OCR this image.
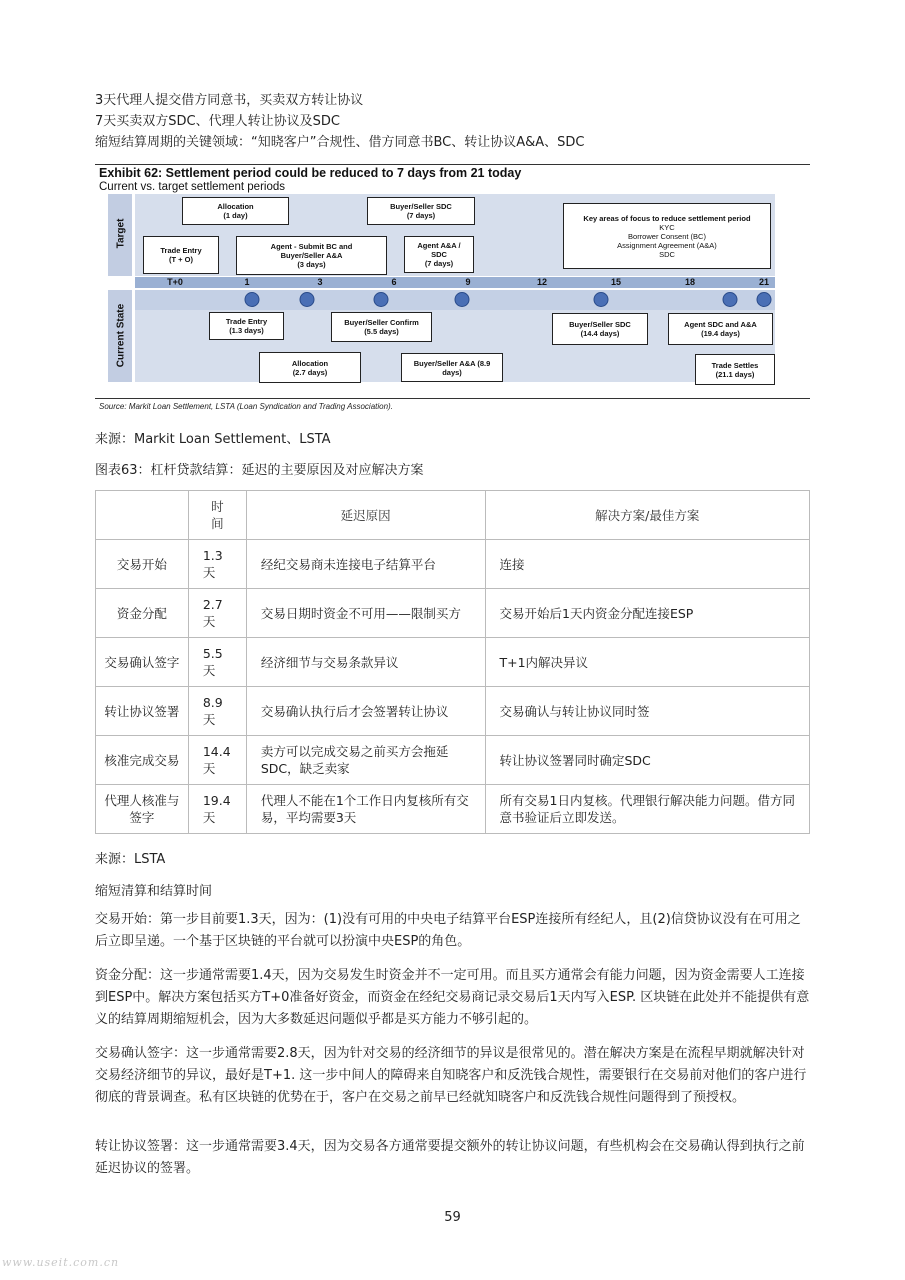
3天代理人提交借方同意书，买卖双方转让协议
7天买卖双方SDC、代理人转让协议及SDC
缩短结算周期的关键领域：“知晓客户”合规性、借方同意书BC、转让协议A&A、SDC
Exhibit 62: Settlement period could be reduced to 7 days from 21 today
Current vs. target settlement periods
Target
Current State
T+0	1	3	6	9	12	15	18	21
Allocation
(1 day)
Buyer/Seller SDC
(7 days)
Trade Entry
(T + O)
Agent - Submit BC and
Buyer/Seller A&A
(3 days)
Agent A&A /
SDC
(7 days)
Key areas of focus to reduce settlement period
KYC
Borrower Consent (BC)
Assignment Agreement (A&A)
SDC
Trade Entry
(1.3 days)
Buyer/Seller Confirm
(5.5 days)
Buyer/Seller SDC
(14.4 days)
Agent SDC and A&A
(19.4 days)
Allocation
(2.7 days)
Buyer/Seller A&A (8.9
days)
Trade Settles
(21.1 days)
Source: Markit Loan Settlement, LSTA (Loan Syndication and Trading Association).
来源：Markit Loan Settlement、LSTA
图表63：杠杆贷款结算：延迟的主要原因及对应解决方案
	时间	延迟原因	解决方案/最佳方案
交易开始	1.3天	经纪交易商未连接电子结算平台	连接
资金分配	2.7天	交易日期时资金不可用——限制买方	交易开始后1天内资金分配连接ESP
交易确认签字	5.5天	经济细节与交易条款异议	T+1内解决异议
转让协议签署	8.9天	交易确认执行后才会签署转让协议	交易确认与转让协议同时签
核准完成交易	14.4天	卖方可以完成交易之前买方会拖延SDC，缺乏卖家	转让协议签署同时确定SDC
代理人核准与签字	19.4天	代理人不能在1个工作日内复核所有交易，平均需要3天	所有交易1日内复核。代理银行解决能力问题。借方同意书验证后立即发送。
来源：LSTA
缩短清算和结算时间
交易开始：第一步目前要1.3天，因为：(1)没有可用的中央电子结算平台ESP连接所有经纪人，且(2)信贷协议没有在可用之后立即呈递。一个基于区块链的平台就可以扮演中央ESP的角色。
资金分配：这一步通常需要1.4天，因为交易发生时资金并不一定可用。而且买方通常会有能力问题，因为资金需要人工连接到ESP中。解决方案包括买方T+0准备好资金，而资金在经纪交易商记录交易后1天内写入ESP. 区块链在此处并不能提供有意义的结算周期缩短机会，因为大多数延迟问题似乎都是买方能力不够引起的。
交易确认签字：这一步通常需要2.8天，因为针对交易的经济细节的异议是很常见的。潜在解决方案是在流程早期就解决针对交易经济细节的异议，最好是T+1. 这一步中间人的障碍来自知晓客户和反洗钱合规性，需要银行在交易前对他们的客户进行彻底的背景调查。私有区块链的优势在于，客户在交易之前早已经就知晓客户和反洗钱合规性问题得到了预授权。
转让协议签署：这一步通常需要3.4天，因为交易各方通常要提交额外的转让协议问题，有些机构会在交易确认得到执行之前延迟协议的签署。
59
www.useit.com.cn
